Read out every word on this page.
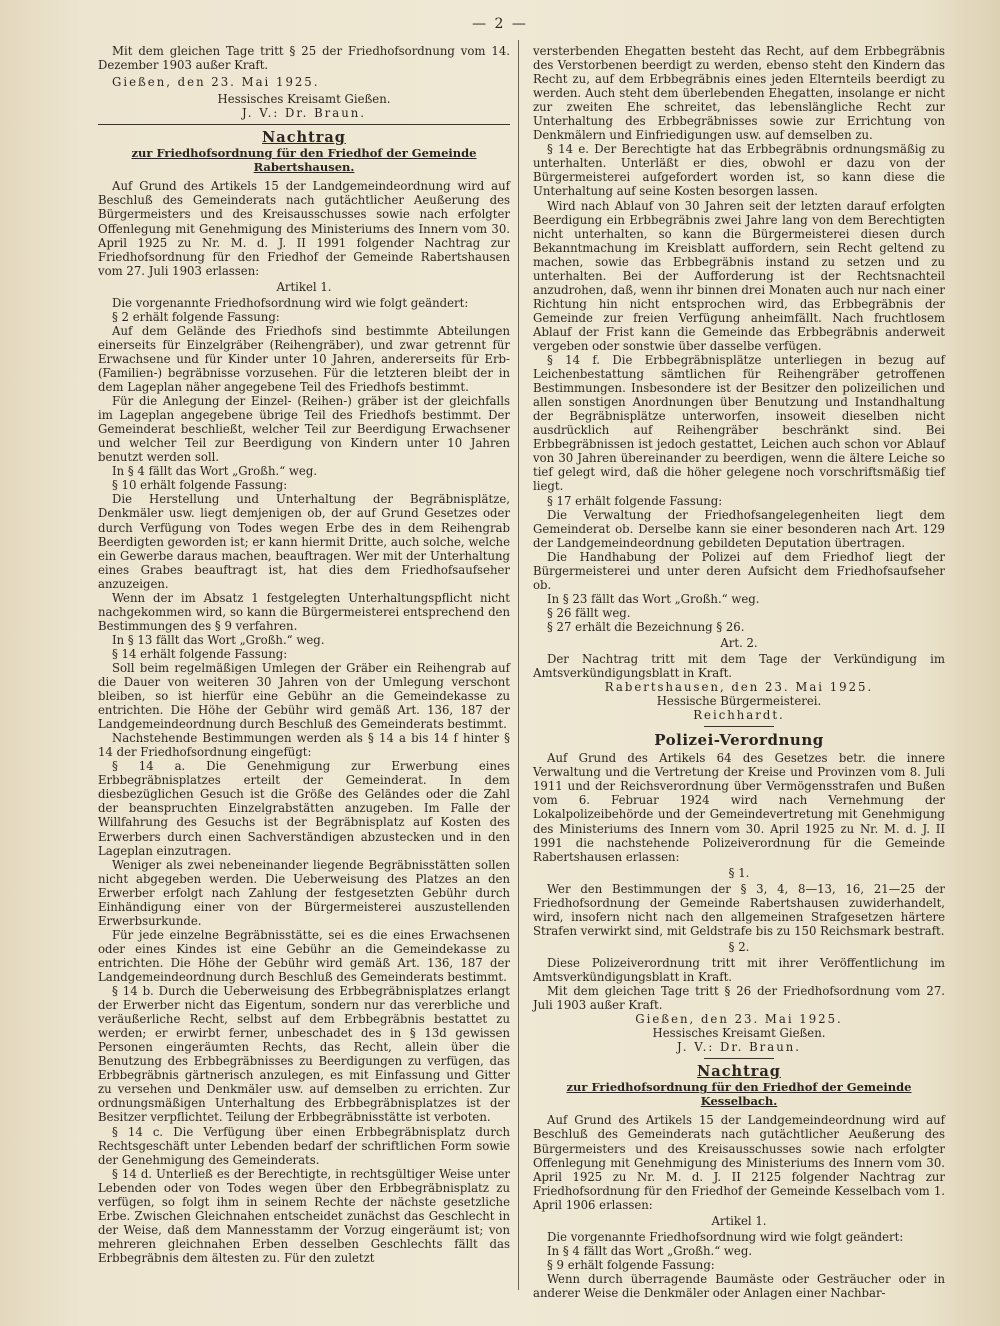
— 2 —

Mit dem gleichen Tage tritt § 25 der Friedhofsordnung vom 14. Dezember 1903 außer Kraft.

Gießen, den 23. Mai 1925.

Hessisches Kreisamt Gießen.

J. V.: Dr. Braun.

Nachtrag
zur Friedhofsordnung für den Friedhof der Gemeinde Rabertshausen.

Auf Grund des Artikels 15 der Landgemeindeordnung wird auf Beschluß des Gemeinderats nach gutächtlicher Aeußerung des Bürgermeisters und des Kreisausschusses sowie nach erfolgter Offenlegung mit Genehmigung des Ministeriums des Innern vom 30. April 1925 zu Nr. M. d. J. II 1991 folgender Nachtrag zur Friedhofsordnung für den Friedhof der Gemeinde Rabertshausen vom 27. Juli 1903 erlassen:

Artikel 1.

Die vorgenannte Friedhofsordnung wird wie folgt geändert:

§ 2 erhält folgende Fassung:

Auf dem Gelände des Friedhofs sind bestimmte Abteilungen einerseits für Einzelgräber (Reihengräber), und zwar getrennt für Erwachsene und für Kinder unter 10 Jahren, andererseits für Erb- (Familien-) begräbnisse vorzusehen. Für die letzteren bleibt der in dem Lageplan näher angegebene Teil des Friedhofs bestimmt.

Für die Anlegung der Einzel- (Reihen-) gräber ist der gleichfalls im Lageplan angegebene übrige Teil des Friedhofs bestimmt. Der Gemeinderat beschließt, welcher Teil zur Beerdigung Erwachsener und welcher Teil zur Beerdigung von Kindern unter 10 Jahren benutzt werden soll.

In § 4 fällt das Wort „Großh.“ weg.

§ 10 erhält folgende Fassung:

Die Herstellung und Unterhaltung der Begräbnisplätze, Denkmäler usw. liegt demjenigen ob, der auf Grund Gesetzes oder durch Verfügung von Todes wegen Erbe des in dem Reihengrab Beerdigten geworden ist; er kann hiermit Dritte, auch solche, welche ein Gewerbe daraus machen, beauftragen. Wer mit der Unterhaltung eines Grabes beauftragt ist, hat dies dem Friedhofsaufseher anzuzeigen.

Wenn der im Absatz 1 festgelegten Unterhaltungspflicht nicht nachgekommen wird, so kann die Bürgermeisterei entsprechend den Bestimmungen des § 9 verfahren.

In § 13 fällt das Wort „Großh.“ weg.

§ 14 erhält folgende Fassung:

Soll beim regelmäßigen Umlegen der Gräber ein Reihengrab auf die Dauer von weiteren 30 Jahren von der Umlegung verschont bleiben, so ist hierfür eine Gebühr an die Gemeindekasse zu entrichten. Die Höhe der Gebühr wird gemäß Art. 136, 187 der Landgemeindeordnung durch Beschluß des Gemeinderats bestimmt.

Nachstehende Bestimmungen werden als § 14 a bis 14 f hinter § 14 der Friedhofsordnung eingefügt:

§ 14 a. Die Genehmigung zur Erwerbung eines Erbbegräbnisplatzes erteilt der Gemeinderat. In dem diesbezüglichen Gesuch ist die Größe des Geländes oder die Zahl der beanspruchten Einzelgrabstätten anzugeben. Im Falle der Willfahrung des Gesuchs ist der Begräbnisplatz auf Kosten des Erwerbers durch einen Sachverständigen abzustecken und in den Lageplan einzutragen.

Weniger als zwei nebeneinander liegende Begräbnisstätten sollen nicht abgegeben werden. Die Ueberweisung des Platzes an den Erwerber erfolgt nach Zahlung der festgesetzten Gebühr durch Einhändigung einer von der Bürgermeisterei auszustellenden Erwerbsurkunde.

Für jede einzelne Begräbnisstätte, sei es die eines Erwachsenen oder eines Kindes ist eine Gebühr an die Gemeindekasse zu entrichten. Die Höhe der Gebühr wird gemäß Art. 136, 187 der Landgemeindeordnung durch Beschluß des Gemeinderats bestimmt.

§ 14 b. Durch die Ueberweisung des Erbbegräbnisplatzes erlangt der Erwerber nicht das Eigentum, sondern nur das vererbliche und veräußerliche Recht, selbst auf dem Erbbegräbnis bestattet zu werden; er erwirbt ferner, unbeschadet des in § 13d gewissen Personen eingeräumten Rechts, das Recht, allein über die Benutzung des Erbbegräbnisses zu Beerdigungen zu verfügen, das Erbbegräbnis gärtnerisch anzulegen, es mit Einfassung und Gitter zu versehen und Denkmäler usw. auf demselben zu errichten. Zur ordnungsmäßigen Unterhaltung des Erbbegräbnisplatzes ist der Besitzer verpflichtet. Teilung der Erbbegräbnisstätte ist verboten.

§ 14 c. Die Verfügung über einen Erbbegräbnisplatz durch Rechtsgeschäft unter Lebenden bedarf der schriftlichen Form sowie der Genehmigung des Gemeinderats.

§ 14 d. Unterließ es der Berechtigte, in rechtsgültiger Weise unter Lebenden oder von Todes wegen über den Erbbegräbnisplatz zu verfügen, so folgt ihm in seinem Rechte der nächste gesetzliche Erbe. Zwischen Gleichnahen entscheidet zunächst das Geschlecht in der Weise, daß dem Mannesstamm der Vorzug eingeräumt ist; von mehreren gleichnahen Erben desselben Geschlechts fällt das Erbbegräbnis dem ältesten zu. Für den zuletzt

versterbenden Ehegatten besteht das Recht, auf dem Erbbegräbnis des Verstorbenen beerdigt zu werden, ebenso steht den Kindern das Recht zu, auf dem Erbbegräbnis eines jeden Elternteils beerdigt zu werden. Auch steht dem überlebenden Ehegatten, insolange er nicht zur zweiten Ehe schreitet, das lebenslängliche Recht zur Unterhaltung des Erbbegräbnisses sowie zur Errichtung von Denkmälern und Einfriedigungen usw. auf demselben zu.

§ 14 e. Der Berechtigte hat das Erbbegräbnis ordnungsmäßig zu unterhalten. Unterläßt er dies, obwohl er dazu von der Bürgermeisterei aufgefordert worden ist, so kann diese die Unterhaltung auf seine Kosten besorgen lassen.

Wird nach Ablauf von 30 Jahren seit der letzten darauf erfolgten Beerdigung ein Erbbegräbnis zwei Jahre lang von dem Berechtigten nicht unterhalten, so kann die Bürgermeisterei diesen durch Bekanntmachung im Kreisblatt auffordern, sein Recht geltend zu machen, sowie das Erbbegräbnis instand zu setzen und zu unterhalten. Bei der Aufforderung ist der Rechtsnachteil anzudrohen, daß, wenn ihr binnen drei Monaten auch nur nach einer Richtung hin nicht entsprochen wird, das Erbbegräbnis der Gemeinde zur freien Verfügung anheimfällt. Nach fruchtlosem Ablauf der Frist kann die Gemeinde das Erbbegräbnis anderweit vergeben oder sonstwie über dasselbe verfügen.

§ 14 f. Die Erbbegräbnisplätze unterliegen in bezug auf Leichenbestattung sämtlichen für Reihengräber getroffenen Bestimmungen. Insbesondere ist der Besitzer den polizeilichen und allen sonstigen Anordnungen über Benutzung und Instandhaltung der Begräbnisplätze unterworfen, insoweit dieselben nicht ausdrücklich auf Reihengräber beschränkt sind. Bei Erbbegräbnissen ist jedoch gestattet, Leichen auch schon vor Ablauf von 30 Jahren übereinander zu beerdigen, wenn die ältere Leiche so tief gelegt wird, daß die höher gelegene noch vorschriftsmäßig tief liegt.

§ 17 erhält folgende Fassung:

Die Verwaltung der Friedhofsangelegenheiten liegt dem Gemeinderat ob. Derselbe kann sie einer besonderen nach Art. 129 der Landgemeindeordnung gebildeten Deputation übertragen.

Die Handhabung der Polizei auf dem Friedhof liegt der Bürgermeisterei und unter deren Aufsicht dem Friedhofsaufseher ob.

In § 23 fällt das Wort „Großh.“ weg.

§ 26 fällt weg.

§ 27 erhält die Bezeichnung § 26.

Art. 2.

Der Nachtrag tritt mit dem Tage der Verkündigung im Amtsverkündigungsblatt in Kraft.

Rabertshausen, den 23. Mai 1925.

Hessische Bürgermeisterei.

Reichhardt.

Polizei-Verordnung

Auf Grund des Artikels 64 des Gesetzes betr. die innere Verwaltung und die Vertretung der Kreise und Provinzen vom 8. Juli 1911 und der Reichsverordnung über Vermögensstrafen und Bußen vom 6. Februar 1924 wird nach Vernehmung der Lokalpolizeibehörde und der Gemeindevertretung mit Genehmigung des Ministeriums des Innern vom 30. April 1925 zu Nr. M. d. J. II 1991 die nachstehende Polizeiverordnung für die Gemeinde Rabertshausen erlassen:

§ 1.

Wer den Bestimmungen der § 3, 4, 8—13, 16, 21—25 der Friedhofsordnung der Gemeinde Rabertshausen zuwiderhandelt, wird, insofern nicht nach den allgemeinen Strafgesetzen härtere Strafen verwirkt sind, mit Geldstrafe bis zu 150 Reichsmark bestraft.

§ 2.

Diese Polizeiverordnung tritt mit ihrer Veröffentlichung im Amtsverkündigungsblatt in Kraft.

Mit dem gleichen Tage tritt § 26 der Friedhofsordnung vom 27. Juli 1903 außer Kraft.

Gießen, den 23. Mai 1925.

Hessisches Kreisamt Gießen.

J. V.: Dr. Braun.

Nachtrag
zur Friedhofsordnung für den Friedhof der Gemeinde Kesselbach.

Auf Grund des Artikels 15 der Landgemeindeordnung wird auf Beschluß des Gemeinderats nach gutächtlicher Aeußerung des Bürgermeisters und des Kreisausschusses sowie nach erfolgter Offenlegung mit Genehmigung des Ministeriums des Innern vom 30. April 1925 zu Nr. M. d. J. II 2125 folgender Nachtrag zur Friedhofsordnung für den Friedhof der Gemeinde Kesselbach vom 1. April 1906 erlassen:

Artikel 1.

Die vorgenannte Friedhofsordnung wird wie folgt geändert:

In § 4 fällt das Wort „Großh.“ weg.

§ 9 erhält folgende Fassung:

Wenn durch überragende Baumäste oder Gesträucher oder in anderer Weise die Denkmäler oder Anlagen einer Nachbar-
